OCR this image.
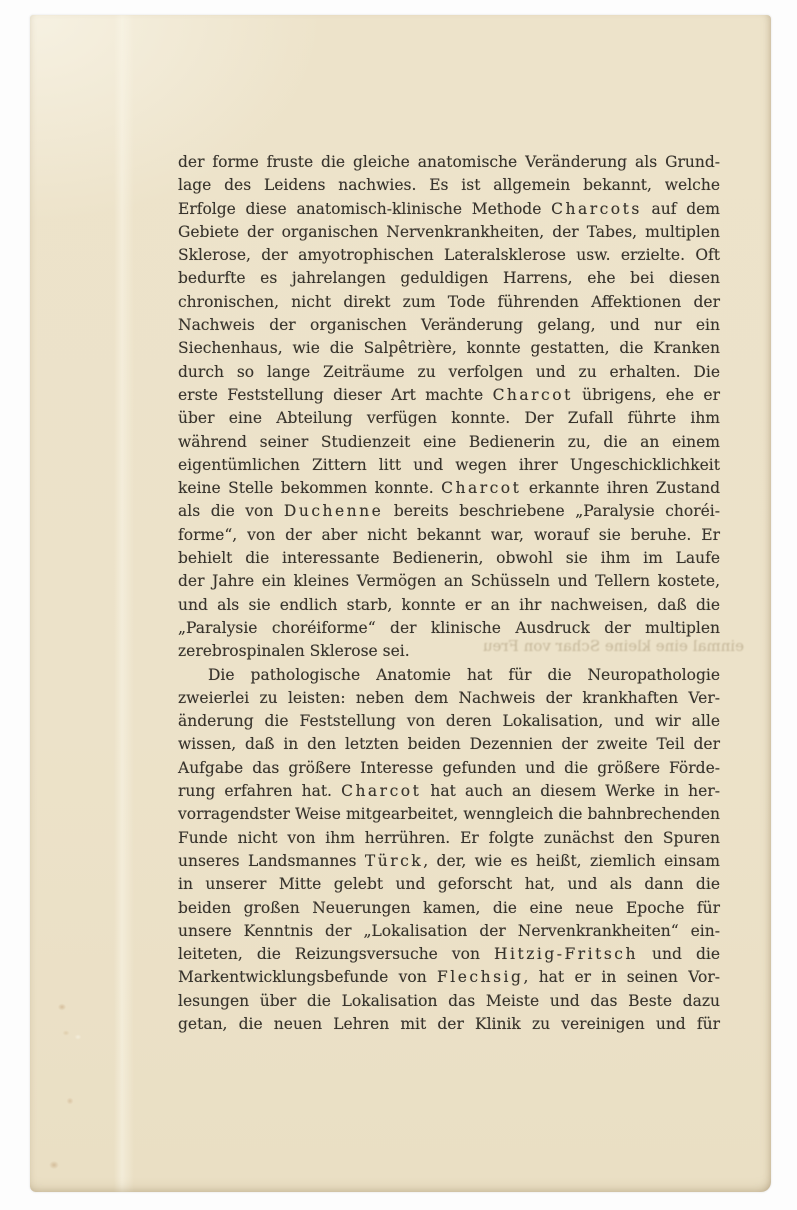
einmal eine kleine Schar von Freu
der forme fruste die gleiche anatomische Veränderung als Grund-
lage des Leidens nachwies. Es ist allgemein bekannt, welche
Erfolge diese anatomisch-klinische Methode Charcots auf dem
Gebiete der organischen Nervenkrankheiten, der Tabes, multiplen
Sklerose, der amyotrophischen Lateralsklerose usw. erzielte. Oft
bedurfte es jahrelangen geduldigen Harrens, ehe bei diesen
chronischen, nicht direkt zum Tode führenden Affektionen der
Nachweis der organischen Veränderung gelang, und nur ein
Siechenhaus, wie die Salpêtrière, konnte gestatten, die Kranken
durch so lange Zeiträume zu verfolgen und zu erhalten. Die
erste Feststellung dieser Art machte Charcot übrigens, ehe er
über eine Abteilung verfügen konnte. Der Zufall führte ihm
während seiner Studienzeit eine Bedienerin zu, die an einem
eigentümlichen Zittern litt und wegen ihrer Ungeschicklichkeit
keine Stelle bekommen konnte. Charcot erkannte ihren Zustand
als die von Duchenne bereits beschriebene „Paralysie choréi-
forme“, von der aber nicht bekannt war, worauf sie beruhe. Er
behielt die interessante Bedienerin, obwohl sie ihm im Laufe
der Jahre ein kleines Vermögen an Schüsseln und Tellern kostete,
und als sie endlich starb, konnte er an ihr nachweisen, daß die
„Paralysie choréiforme“ der klinische Ausdruck der multiplen
zerebrospinalen Sklerose sei.
Die pathologische Anatomie hat für die Neuropathologie
zweierlei zu leisten: neben dem Nachweis der krankhaften Ver-
änderung die Feststellung von deren Lokalisation, und wir alle
wissen, daß in den letzten beiden Dezennien der zweite Teil der
Aufgabe das größere Interesse gefunden und die größere Förde-
rung erfahren hat. Charcot hat auch an diesem Werke in her-
vorragendster Weise mitgearbeitet, wenngleich die bahnbrechenden
Funde nicht von ihm herrühren. Er folgte zunächst den Spuren
unseres Landsmannes Türck, der, wie es heißt, ziemlich einsam
in unserer Mitte gelebt und geforscht hat, und als dann die
beiden großen Neuerungen kamen, die eine neue Epoche für
unsere Kenntnis der „Lokalisation der Nervenkrankheiten“ ein-
leiteten, die Reizungsversuche von Hitzig-Fritsch und die
Markentwicklungsbefunde von Flechsig, hat er in seinen Vor-
lesungen über die Lokalisation das Meiste und das Beste dazu
getan, die neuen Lehren mit der Klinik zu vereinigen und für
